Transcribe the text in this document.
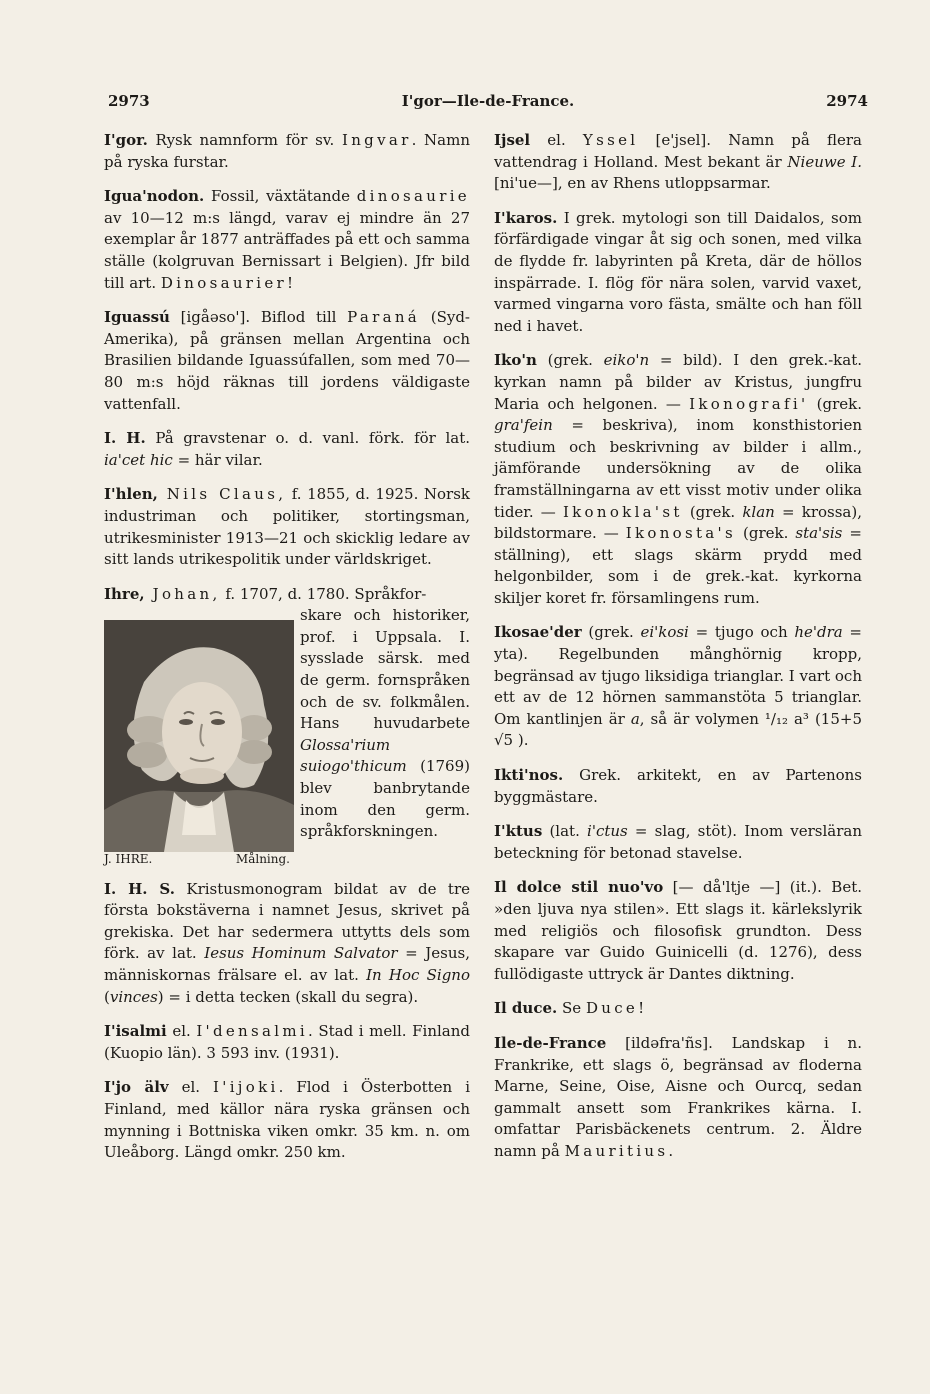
2973	I'gor—Ile-de-France.	2974

I'gor. Rysk namnform för sv. Ingvar. Namn på ryska furstar.

Igua'nodon. Fossil, växtätande dinosaurie av 10—12 m:s längd, varav ej mindre än 27 exemplar år 1877 anträffades på ett och samma ställe (kolgruvan Bernissart i Belgien). Jfr bild till art. Dinosaurier!

Iguassú [igåəso']. Biflod till Paraná (Syd-Amerika), på gränsen mellan Argentina och Brasilien bildande Iguassúfallen, som med 70—80 m:s höjd räknas till jordens väldigaste vattenfall.

I. H. På gravstenar o. d. vanl. förk. för lat. ia'cet hic = här vilar.

I'hlen, Nils Claus, f. 1855, d. 1925. Norsk industriman och politiker, stortingsman, utrikesminister 1913—21 och skicklig ledare av sitt lands utrikespolitik under världskriget.

Ihre, Johan, f. 1707, d. 1780. Språkfor-
skare och historiker, prof. i Uppsala. I. sysslade särsk. med de germ. fornspråken och de sv. folkmålen. Hans huvudarbete Glossa'rium suiogo'thicum (1769) blev banbrytande inom den germ. språkforskningen.
J. IHRE.	Målning.

I. H. S. Kristusmonogram bildat av de tre första bokstäverna i namnet Jesus, skrivet på grekiska. Det har sedermera uttytts dels som förk. av lat. Iesus Hominum Salvator = Jesus, människornas frälsare el. av lat. In Hoc Signo (vinces) = i detta tecken (skall du segra).

I'isalmi el. I'densalmi. Stad i mell. Finland (Kuopio län). 3 593 inv. (1931).

I'jo älv el. I'ijoki. Flod i Österbotten i Finland, med källor nära ryska gränsen och mynning i Bottniska viken omkr. 35 km. n. om Uleåborg. Längd omkr. 250 km.

Ijsel el. Yssel [e'jsel]. Namn på flera vattendrag i Holland. Mest bekant är Nieuwe I. [ni'ue—], en av Rhens utloppsarmar.

I'karos. I grek. mytologi son till Daidalos, som förfärdigade vingar åt sig och sonen, med vilka de flydde fr. labyrinten på Kreta, där de höllos inspärrade. I. flög för nära solen, varvid vaxet, varmed vingarna voro fästa, smälte och han föll ned i havet.

Iko'n (grek. eiko'n = bild). I den grek.-kat. kyrkan namn på bilder av Kristus, jungfru Maria och helgonen. — Ikonografi' (grek. gra'fein = beskriva), inom konsthistorien studium och beskrivning av bilder i allm., jämförande undersökning av de olika framställningarna av ett visst motiv under olika tider. — Ikonokla'st (grek. klan = krossa), bildstormare. — Ikonosta's (grek. sta'sis = ställning), ett slags skärm prydd med helgonbilder, som i de grek.-kat. kyrkorna skiljer koret fr. församlingens rum.

Ikosae'der (grek. ei'kosi = tjugo och he'dra = yta). Regelbunden månghörnig kropp, begränsad av tjugo liksidiga trianglar. I vart och ett av de 12 hörnen sammanstöta 5 trianglar. Om kantlinjen är a, så är volymen ¹/₁₂ a³ (15+5 √5 ).

Ikti'nos. Grek. arkitekt, en av Partenons byggmästare.

I'ktus (lat. i'ctus = slag, stöt). Inom versläran beteckning för betonad stavelse.

Il dolce stil nuo'vo [— då'ltje —] (it.). Bet. »den ljuva nya stilen». Ett slags it. kärlekslyrik med religiös och filosofisk grundton. Dess skapare var Guido Guinicelli (d. 1276), dess fullödigaste uttryck är Dantes diktning.

Il duce. Se Duce!

Ile-de-France [ildəfra'ñs]. Landskap i n. Frankrike, ett slags ö, begränsad av floderna Marne, Seine, Oise, Aisne och Ourcq, sedan gammalt ansett som Frankrikes kärna. I. omfattar Parisbäckenets centrum. 2. Äldre namn på Mauritius.
